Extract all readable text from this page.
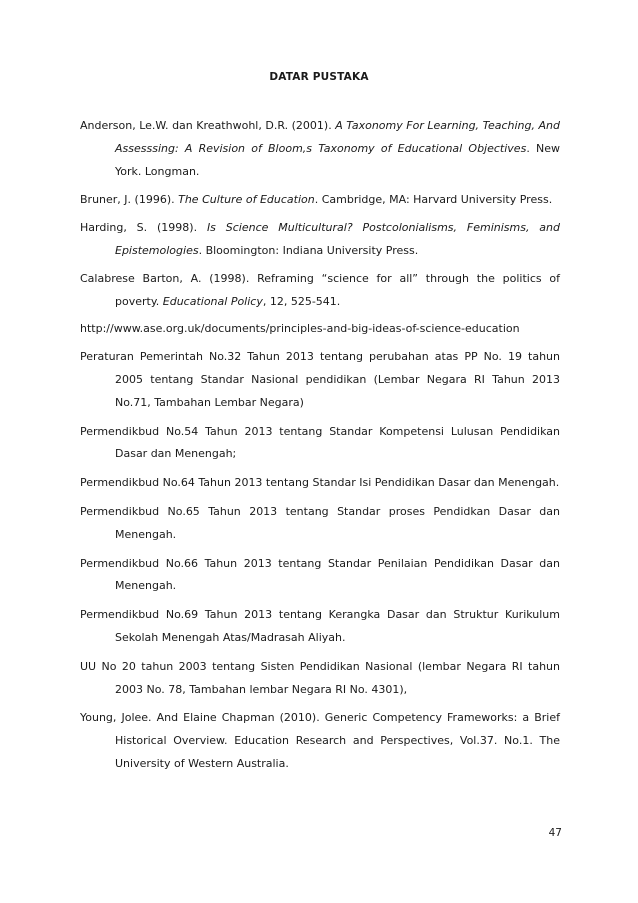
DATAR PUSTAKA
Anderson, Le.W. dan Kreathwohl, D.R. (2001). A Taxonomy For Learning, Teaching, And Assesssing: A Revision of Bloom,s Taxonomy of Educational Objectives. New York. Longman.
Bruner, J. (1996). The Culture of Education. Cambridge, MA: Harvard University Press.
Harding, S. (1998). Is Science Multicultural? Postcolonialisms, Feminisms, and Epistemologies. Bloomington: Indiana University Press.
Calabrese Barton, A. (1998). Reframing “science for all” through the politics of poverty. Educational Policy, 12, 525-541.
http://www.ase.org.uk/documents/principles-and-big-ideas-of-science-education
Peraturan Pemerintah No.32 Tahun 2013 tentang perubahan atas PP No. 19 tahun 2005 tentang Standar Nasional pendidikan (Lembar Negara RI Tahun 2013 No.71, Tambahan Lembar Negara)
Permendikbud No.54 Tahun 2013 tentang Standar Kompetensi Lulusan Pendidikan Dasar dan Menengah;
Permendikbud No.64 Tahun 2013 tentang Standar Isi Pendidikan Dasar dan Menengah.
Permendikbud No.65 Tahun 2013 tentang Standar proses Pendidkan Dasar dan Menengah.
Permendikbud No.66 Tahun 2013 tentang Standar Penilaian Pendidikan Dasar dan Menengah.
Permendikbud No.69 Tahun 2013 tentang Kerangka Dasar dan Struktur Kurikulum Sekolah Menengah Atas/Madrasah Aliyah.
UU No 20 tahun 2003 tentang Sisten Pendidikan Nasional (lembar Negara RI tahun 2003 No. 78, Tambahan lembar Negara RI No. 4301),
Young, Jolee. And Elaine Chapman (2010). Generic Competency Frameworks: a Brief Historical Overview. Education Research and Perspectives, Vol.37. No.1. The University of Western Australia.
47
